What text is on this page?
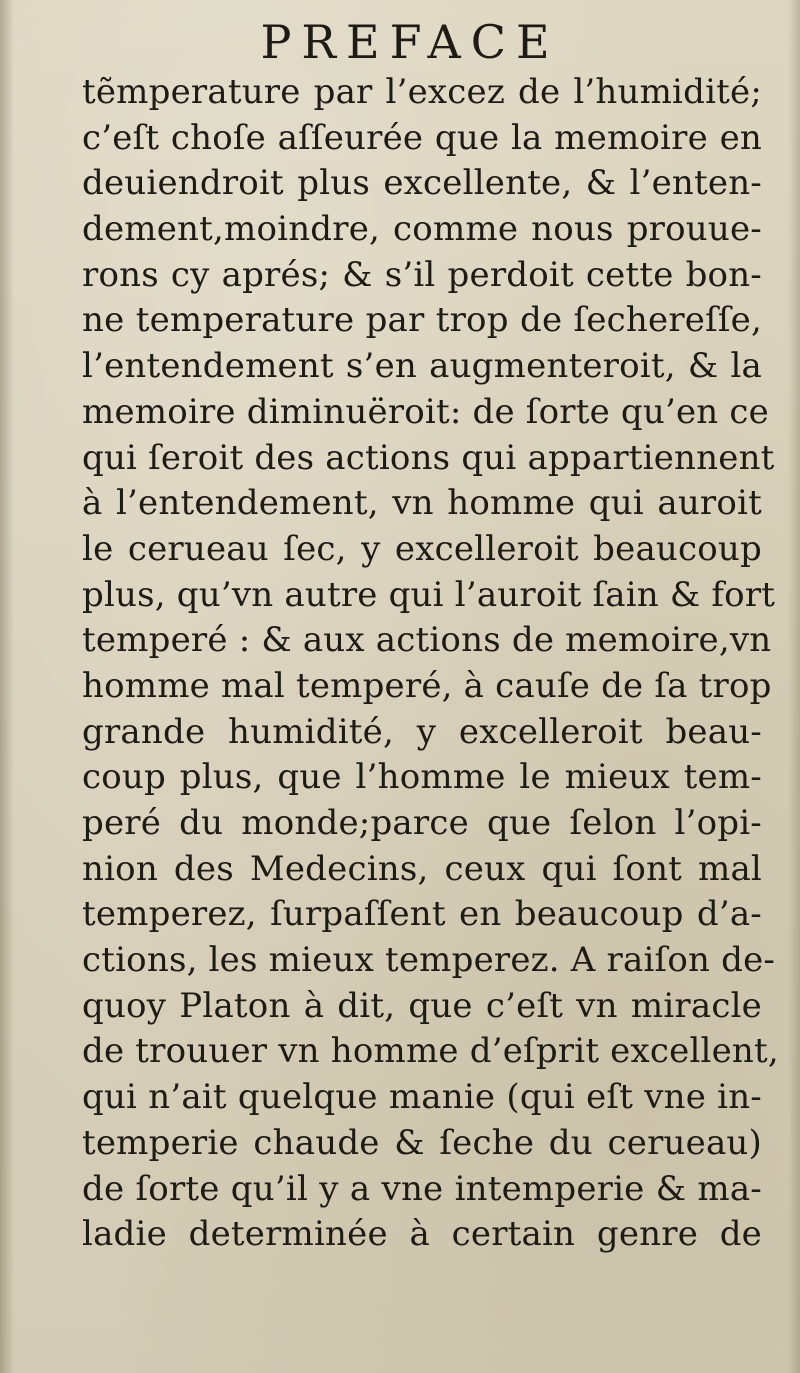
PREFACE
tẽmperature par l’excez de l’humidité;
c’eſt choſe aſſeurée que la memoire en
deuiendroit plus excellente, & l’enten-
dement,moindre, comme nous prouue-
rons cy aprés; & s’il perdoit cette bon-
ne temperature par trop de ſechereſſe,
l’entendement s’en augmenteroit, & la
memoire diminuëroit: de ſorte qu’en ce
qui ſeroit des actions qui appartiennent
à l’entendement, vn homme qui auroit
le cerueau ſec, y excelleroit beaucoup
plus, qu’vn autre qui l’auroit ſain & fort
temperé : & aux actions de memoire,vn
homme mal temperé, à cauſe de ſa trop
grande humidité, y excelleroit beau-
coup plus, que l’homme le mieux tem-
peré du monde;parce que ſelon l’opi-
nion des Medecins, ceux qui ſont mal
temperez, ſurpaſſent en beaucoup d’a-
ctions, les mieux temperez. A raiſon de-
quoy Platon à dit, que c’eſt vn miracle
de trouuer vn homme d’eſprit excellent,
qui n’ait quelque manie (qui eſt vne in-
temperie chaude & ſeche du cerueau)
de ſorte qu’il y a vne intemperie & ma-
ladie determinée à certain genre de
